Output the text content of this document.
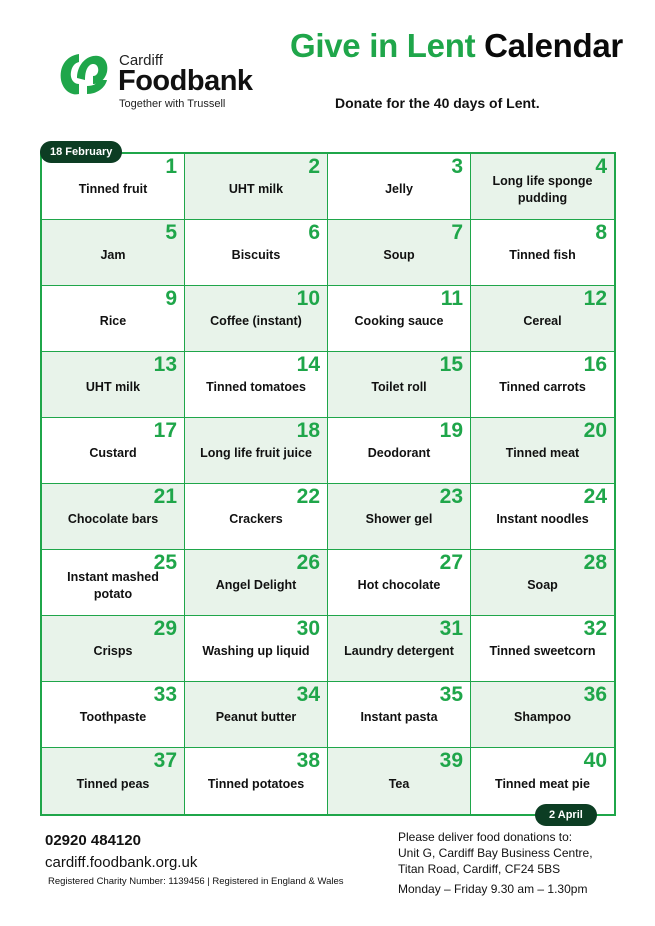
Cardiff
Foodbank
Together with Trussell
Give in Lent Calendar
Donate for the 40 days of Lent.
1
Tinned fruit
2
UHT milk
3
Jelly
4
Long life sponge pudding
5
Jam
6
Biscuits
7
Soup
8
Tinned fish
9
Rice
10
Coffee (instant)
11
Cooking sauce
12
Cereal
13
UHT milk
14
Tinned tomatoes
15
Toilet roll
16
Tinned carrots
17
Custard
18
Long life fruit juice
19
Deodorant
20
Tinned meat
21
Chocolate bars
22
Crackers
23
Shower gel
24
Instant noodles
25
Instant mashed potato
26
Angel Delight
27
Hot chocolate
28
Soap
29
Crisps
30
Washing up liquid
31
Laundry detergent
32
Tinned sweetcorn
33
Toothpaste
34
Peanut butter
35
Instant pasta
36
Shampoo
37
Tinned peas
38
Tinned potatoes
39
Tea
40
Tinned meat pie
18 February
2 April
02920 484120
cardiff.foodbank.org.uk
Registered Charity Number: 1139456 | Registered in England & Wales
Please deliver food donations to:
Unit G, Cardiff Bay Business Centre,
Titan Road, Cardiff, CF24 5BS
Monday – Friday 9.30 am – 1.30pm
